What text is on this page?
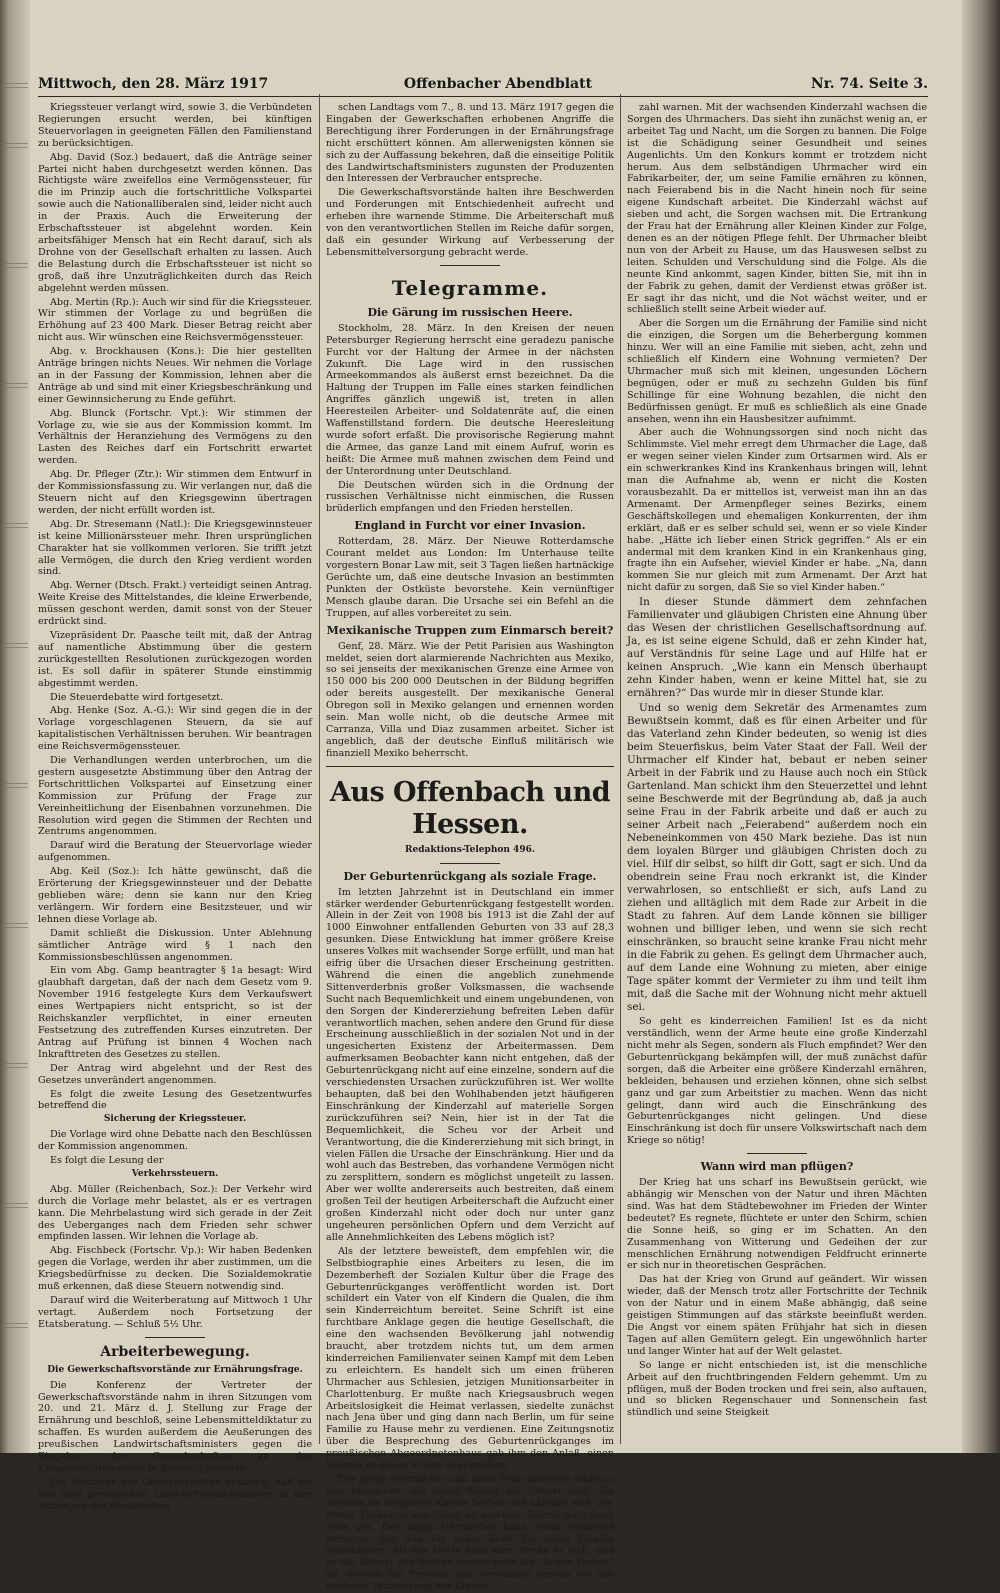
Mittwoch, den 28. März 1917	Offenbacher Abendblatt	Nr. 74. Seite 3.

Kriegssteuer verlangt wird, sowie 3. die Verbündeten Regierungen ersucht werden, bei künftigen Steuervorlagen in geeigneten Fällen den Familienstand zu berücksichtigen.

Abg. David (Soz.) bedauert, daß die Anträge seiner Partei nicht haben durchgesetzt werden können. Das Richtigste wäre zweifellos eine Vermögenssteuer, für die im Prinzip auch die fortschrittliche Volkspartei sowie auch die Nationalliberalen sind, leider nicht auch in der Praxis. Auch die Erweiterung der Erbschaftssteuer ist abgelehnt worden. Kein arbeitsfähiger Mensch hat ein Recht darauf, sich als Drohne von der Gesellschaft erhalten zu lassen. Auch die Belastung durch die Erbschaftssteuer ist nicht so groß, daß ihre Unzuträglichkeiten durch das Reich abgelehnt werden müssen.

Abg. Mertin (Rp.): Auch wir sind für die Kriegssteuer. Wir stimmen der Vorlage zu und begrüßen die Erhöhung auf 23 400 Mark. Dieser Betrag reicht aber nicht aus. Wir wünschen eine Reichsvermögenssteuer.

Abg. v. Brockhausen (Kons.): Die hier gestellten Anträge bringen nichts Neues. Wir nehmen die Vorlage an in der Fassung der Kommission, lehnen aber die Anträge ab und sind mit einer Kriegsbeschränkung und einer Gewinnsicherung zu Ende geführt.

Abg. Blunck (Fortschr. Vpt.): Wir stimmen der Vorlage zu, wie sie aus der Kommission kommt. Im Verhältnis der Heranziehung des Vermögens zu den Lasten des Reiches darf ein Fortschritt erwartet werden.

Abg. Dr. Pfleger (Ztr.): Wir stimmen dem Entwurf in der Kommissionsfassung zu. Wir verlangen nur, daß die Steuern nicht auf den Kriegsgewinn übertragen werden, der nicht erfüllt worden ist.

Abg. Dr. Stresemann (Natl.): Die Kriegsgewinnsteuer ist keine Millionärssteuer mehr. Ihren ursprünglichen Charakter hat sie vollkommen verloren. Sie trifft jetzt alle Vermögen, die durch den Krieg verdient worden sind.

Abg. Werner (Dtsch. Frakt.) verteidigt seinen Antrag. Weite Kreise des Mittelstandes, die kleine Erwerbende, müssen geschont werden, damit sonst von der Steuer erdrückt sind.

Vizepräsident Dr. Paasche teilt mit, daß der Antrag auf namentliche Abstimmung über die gestern zurückgestellten Resolutionen zurückgezogen worden ist. Es soll dafür in späterer Stunde einstimmig abgestimmt werden.

Die Steuerdebatte wird fortgesetzt.

Abg. Henke (Soz. A.-G.): Wir sind gegen die in der Vorlage vorgeschlagenen Steuern, da sie auf kapitalistischen Verhältnissen beruhen. Wir beantragen eine Reichsvermögenssteuer.

Die Verhandlungen werden unterbrochen, um die gestern ausgesetzte Abstimmung über den Antrag der Fortschrittlichen Volkspartei auf Einsetzung einer Kommission zur Prüfung der Frage zur Vereinheitlichung der Eisenbahnen vorzunehmen. Die Resolution wird gegen die Stimmen der Rechten und Zentrums angenommen.

Darauf wird die Beratung der Steuervorlage wieder aufgenommen.

Abg. Keil (Soz.): Ich hätte gewünscht, daß die Erörterung der Kriegsgewinnsteuer und der Debatte geblieben wäre; denn sie kann nur den Krieg verlängern. Wir fordern eine Besitzsteuer, und wir lehnen diese Vorlage ab.

Damit schließt die Diskussion. Unter Ablehnung sämtlicher Anträge wird § 1 nach den Kommissionsbeschlüssen angenommen.

Ein vom Abg. Gamp beantragter § 1a besagt: Wird glaubhaft dargetan, daß der nach dem Gesetz vom 9. November 1916 festgelegte Kurs dem Verkaufswert eines Wertpapiers nicht entspricht, so ist der Reichskanzler verpflichtet, in einer erneuten Festsetzung des zutreffenden Kurses einzutreten. Der Antrag auf Prüfung ist binnen 4 Wochen nach Inkrafttreten des Gesetzes zu stellen.

Der Antrag wird abgelehnt und der Rest des Gesetzes unverändert angenommen.

Es folgt die zweite Lesung des Gesetzentwurfes betreffend die

Sicherung der Kriegssteuer.

Die Vorlage wird ohne Debatte nach den Beschlüssen der Kommission angenommen.

Es folgt die Lesung der

Verkehrssteuern.

Abg. Müller (Reichenbach, Soz.): Der Verkehr wird durch die Vorlage mehr belastet, als er es vertragen kann. Die Mehrbelastung wird sich gerade in der Zeit des Ueberganges nach dem Frieden sehr schwer empfinden lassen. Wir lehnen die Vorlage ab.

Abg. Fischbeck (Fortschr. Vp.): Wir haben Bedenken gegen die Vorlage, werden ihr aber zustimmen, um die Kriegsbedürfnisse zu decken. Die Sozialdemokratie muß erkennen, daß diese Steuern notwendig sind.

Darauf wird die Weiterberatung auf Mittwoch 1 Uhr vertagt. Außerdem noch Fortsetzung der Etatsberatung. — Schluß 5½ Uhr.

Arbeiterbewegung.
Die Gewerkschaftsvorstände zur Ernährungsfrage.

Die Konferenz der Vertreter der Gewerkschaftsvorstände nahm in ihren Sitzungen vom 20. und 21. März d. J. Stellung zur Frage der Ernährung und beschloß, seine Lebensmitteldiktatur zu schaffen. Es wurden außerdem die Aeußerungen des preußischen Landwirtschaftsministers gegen die Eingaben der Gewerkschaften an das Kriegsernährungsamt in Betracht gezogen.

Die Vertreter der Gewerkschaften erklären, daß sie von dem preußischen Landwirtschaftsminister in den Sitzungen des Preußischen

schen Landtags vom 7., 8. und 13. März 1917 gegen die Eingaben der Gewerkschaften erhobenen Angriffe die Berechtigung ihrer Forderungen in der Ernährungsfrage nicht erschüttert können. Am allerwenigsten können sie sich zu der Auffassung bekehren, daß die einseitige Politik des Landwirtschaftsministers zugunsten der Produzenten den Interessen der Verbraucher entspreche.

Die Gewerkschaftsvorstände halten ihre Beschwerden und Forderungen mit Entschiedenheit aufrecht und erheben ihre warnende Stimme. Die Arbeiterschaft muß von den verantwortlichen Stellen im Reiche dafür sorgen, daß ein gesunder Wirkung auf Verbesserung der Lebensmittelversorgung gebracht werde.

Telegramme.
Die Gärung im russischen Heere.

Stockholm, 28. März. In den Kreisen der neuen Petersburger Regierung herrscht eine geradezu panische Furcht vor der Haltung der Armee in der nächsten Zukunft. Die Lage wird in den russischen Armeekommandos als äußerst ernst bezeichnet. Da die Haltung der Truppen im Falle eines starken feindlichen Angriffes gänzlich ungewiß ist, treten in allen Heeresteilen Arbeiter- und Soldatenräte auf, die einen Waffenstillstand fordern. Die deutsche Heeresleitung wurde sofort erfaßt. Die provisorische Regierung mahnt die Armee, das ganze Land mit einem Aufruf, worin es heißt: Die Armee muß mahnen zwischen dem Feind und der Unterordnung unter Deutschland.

Die Deutschen würden sich in die Ordnung der russischen Verhältnisse nicht einmischen, die Russen brüderlich empfangen und den Frieden herstellen.

England in Furcht vor einer Invasion.

Rotterdam, 28. März. Der Nieuwe Rotterdamsche Courant meldet aus London: Im Unterhause teilte vorgestern Bonar Law mit, seit 3 Tagen ließen hartnäckige Gerüchte um, daß eine deutsche Invasion an bestimmten Punkten der Ostküste bevorstehe. Kein vernünftiger Mensch glaube daran. Die Ursache sei ein Befehl an die Truppen, auf alles vorbereitet zu sein.

Mexikanische Truppen zum Einmarsch bereit?

Genf, 28. März. Wie der Petit Parisien aus Washington meldet, seien dort alarmierende Nachrichten aus Mexiko, so sei jenseits der mexikanischen Grenze eine Armee von 150 000 bis 200 000 Deutschen in der Bildung begriffen oder bereits ausgestellt. Der mexikanische General Obregon soll in Mexiko gelangen und ernennen worden sein. Man wolle nicht, ob die deutsche Armee mit Carranza, Villa und Diaz zusammen arbeitet. Sicher ist angeblich, daß der deutsche Einfluß militärisch wie finanziell Mexiko beherrscht.

Aus Offenbach und Hessen.
Redaktions-Telephon 496.
Der Geburtenrückgang als soziale Frage.

Im letzten Jahrzehnt ist in Deutschland ein immer stärker werdender Geburtenrückgang festgestellt worden. Allein in der Zeit von 1908 bis 1913 ist die Zahl der auf 1000 Einwohner entfallenden Geburten von 33 auf 28,3 gesunken. Diese Entwicklung hat immer größere Kreise unseres Volkes mit wachsender Sorge erfüllt, und man hat eifrig über die Ursachen dieser Erscheinung gestritten. Während die einen die angeblich zunehmende Sittenverderbnis großer Volksmassen, die wachsende Sucht nach Bequemlichkeit und einem ungebundenen, von den Sorgen der Kindererziehung befreiten Leben dafür verantwortlich machen, sehen andere den Grund für diese Erscheinung ausschließlich in der sozialen Not und in der ungesicherten Existenz der Arbeitermassen. Dem aufmerksamen Beobachter kann nicht entgehen, daß der Geburtenrückgang nicht auf eine einzelne, sondern auf die verschiedensten Ursachen zurückzuführen ist. Wer wollte behaupten, daß bei den Wohlhabenden jetzt häufigeren Einschränkung der Kinderzahl auf materielle Sorgen zurückzuführen sei? Nein, hier ist in der Tat die Bequemlichkeit, die Scheu vor der Arbeit und Verantwortung, die die Kindererziehung mit sich bringt, in vielen Fällen die Ursache der Einschränkung. Hier und da wohl auch das Bestreben, das vorhandene Vermögen nicht zu zersplittern, sondern es möglichst ungeteilt zu lassen. Aber wer wollte andererseits auch bestreiten, daß einem großen Teil der heutigen Arbeiterschaft die Aufzucht einer großen Kinderzahl nicht oder doch nur unter ganz ungeheuren persönlichen Opfern und dem Verzicht auf alle Annehmlichkeiten des Lebens möglich ist?

Als der letztere beweisteft, dem empfehlen wir, die Selbstbiographie eines Arbeiters zu lesen, die im Dezemberheft der Sozialen Kultur über die Frage des Geburtenrückganges veröffentlicht worden ist. Dort schildert ein Vater von elf Kindern die Qualen, die ihm sein Kinderreichtum bereitet. Seine Schrift ist eine furchtbare Anklage gegen die heutige Gesellschaft, die eine den wachsenden Bevölkerung jahl notwendig braucht, aber trotzdem nichts tut, um dem armen kinderreichen Familienvater seinen Kampf mit dem Leben zu erleichtern. Es handelt sich um einen früheren Uhrmacher aus Schlesien, jetzigen Munitionsarbeiter in Charlottenburg. Er mußte nach Kriegsausbruch wegen Arbeitslosigkeit die Heimat verlassen, siedelte zunächst nach Jena über und ging dann nach Berlin, um für seine Familie zu Hause mehr zu verdienen. Eine Zeitungsnotiz über die Besprechung des Geburtenrückganges im preußischen Abgeordnetenhaus gab ihm den Anlaß, einen Beitrag zu dieser Frage zu schreiben.

Der junge Uhrmacher und seine Frau gehörten nicht zu den Menschen, die leicht Kinder ein Grenzt sind. Sie sehnten im Gegenteil Kinder herbei und nahmen sich vor, etwas Tüchtiges aus ihnen zu machen. Zuerst ging auch alles gut. Der junge Uhrmacher kann einen Verdienst erringen, der ihm für seine Kraft für seine Familie aufschießen. Als das vierte Kind kam, freute er sich, und er die Geburt des fünften immer noch als „Segen Gottes“ an, obwohl ihn Freunde und Verwandte bereits vor der weiteren Vermehrung der Kinder

zahl warnen. Mit der wachsenden Kinderzahl wachsen die Sorgen des Uhrmachers. Das sieht ihn zunächst wenig an, er arbeitet Tag und Nacht, um die Sorgen zu bannen. Die Folge ist die Schädigung seiner Gesundheit und seines Augenlichts. Um den Konkurs kommt er trotzdem nicht herum. Aus dem selbständigen Uhrmacher wird ein Fabrikarbeiter, der, um seine Familie ernähren zu können, nach Feierabend bis in die Nacht hinein noch für seine eigene Kundschaft arbeitet. Die Kinderzahl wächst auf sieben und acht, die Sorgen wachsen mit. Die Ertrankung der Frau hat der Ernährung aller Kleinen Kinder zur Folge, denen es an der nötigen Pflege fehlt. Der Uhrmacher bleibt nun von der Arbeit zu Hause, um das Hauswesen selbst zu leiten. Schulden und Verschuldung sind die Folge. Als die neunte Kind ankommt, sagen Kinder, bitten Sie, mit ihn in der Fabrik zu gehen, damit der Verdienst etwas größer ist. Er sagt ihr das nicht, und die Not wächst weiter, und er schließlich stellt seine Arbeit wieder auf.

Aber die Sorgen um die Ernährung der Familie sind nicht die einzigen, die Sorgen um die Beherbergung kommen hinzu. Wer will an eine Familie mit sieben, acht, zehn und schließlich elf Kindern eine Wohnung vermieten? Der Uhrmacher muß sich mit kleinen, ungesunden Löchern begnügen, oder er muß zu sechzehn Gulden bis fünf Schillinge für eine Wohnung bezahlen, die nicht den Bedürfnissen genügt. Er muß es schließlich als eine Gnade ansehen, wenn ihn ein Hausbesitzer aufnimmt.

Aber auch die Wohnungssorgen sind noch nicht das Schlimmste. Viel mehr erregt dem Uhrmacher die Lage, daß er wegen seiner vielen Kinder zum Ortsarmen wird. Als er ein schwerkrankes Kind ins Krankenhaus bringen will, lehnt man die Aufnahme ab, wenn er nicht die Kosten vorausbezahlt. Da er mittellos ist, verweist man ihn an das Armenamt. Der Armenpfleger seines Bezirks, einem Geschäftskollegen und ehemaligen Konkurrenten, der ihm erklärt, daß er es selber schuld sei, wenn er so viele Kinder habe. „Hätte ich lieber einen Strick gegriffen.“ Als er ein andermal mit dem kranken Kind in ein Krankenhaus ging, fragte ihn ein Aufseher, wieviel Kinder er habe. „Na, dann kommen Sie nur gleich mit zum Armenamt. Der Arzt hat nicht dafür zu sorgen, daß Sie so viel Kinder haben.“

In dieser Stunde dämmert dem zehnfachen Familienvater und gläubigen Christen eine Ahnung über das Wesen der christlichen Gesellschaftsordnung auf. Ja, es ist seine eigene Schuld, daß er zehn Kinder hat, auf Verständnis für seine Lage und auf Hilfe hat er keinen Anspruch. „Wie kann ein Mensch überhaupt zehn Kinder haben, wenn er keine Mittel hat, sie zu ernähren?“ Das wurde mir in dieser Stunde klar.

Und so wenig dem Sekretär des Armenamtes zum Bewußtsein kommt, daß es für einen Arbeiter und für das Vaterland zehn Kinder bedeuten, so wenig ist dies beim Steuerfiskus, beim Vater Staat der Fall. Weil der Uhrmacher elf Kinder hat, bebaut er neben seiner Arbeit in der Fabrik und zu Hause auch noch ein Stück Gartenland. Man schickt ihm den Steuerzettel und lehnt seine Beschwerde mit der Begründung ab, daß ja auch seine Frau in der Fabrik arbeite und daß er auch zu seiner Arbeit nach „Feierabend“ außerdem noch ein Nebeneinkommen von 450 Mark beziehe. Das ist nun dem loyalen Bürger und gläubigen Christen doch zu viel. Hilf dir selbst, so hilft dir Gott, sagt er sich. Und da obendrein seine Frau noch erkrankt ist, die Kinder verwahrlosen, so entschließt er sich, aufs Land zu ziehen und alltäglich mit dem Rade zur Arbeit in die Stadt zu fahren. Auf dem Lande können sie billiger wohnen und billiger leben, und wenn sie sich recht einschränken, so braucht seine kranke Frau nicht mehr in die Fabrik zu gehen. Es gelingt dem Uhrmacher auch, auf dem Lande eine Wohnung zu mieten, aber einige Tage später kommt der Vermieter zu ihm und teilt ihm mit, daß die Sache mit der Wohnung nicht mehr aktuell sei.

So geht es kinderreichen Familien! Ist es da nicht verständlich, wenn der Arme heute eine große Kinderzahl nicht mehr als Segen, sondern als Fluch empfindet? Wer den Geburtenrückgang bekämpfen will, der muß zunächst dafür sorgen, daß die Arbeiter eine größere Kinderzahl ernähren, bekleiden, behausen und erziehen können, ohne sich selbst ganz und gar zum Arbeitstier zu machen. Wenn das nicht gelingt, dann wird auch die Einschränkung des Geburtenrückganges nicht gelingen. Und diese Einschränkung ist doch für unsere Volkswirtschaft nach dem Kriege so nötig!

Wann wird man pflügen?

Der Krieg hat uns scharf ins Bewußtsein gerückt, wie abhängig wir Menschen von der Natur und ihren Mächten sind. Was hat dem Städtebewohner im Frieden der Winter bedeutet? Es regnete, flüchtete er unter den Schirm, schien die Sonne heiß, so ging er im Schatten. An den Zusammenhang von Witterung und Gedeihen der zur menschlichen Ernährung notwendigen Feldfrucht erinnerte er sich nur in theoretischen Gesprächen.

Das hat der Krieg von Grund auf geändert. Wir wissen wieder, daß der Mensch trotz aller Fortschritte der Technik von der Natur und in einem Maße abhängig, daß seine geistigen Stimmungen auf das stärkste beeinflußt werden. Die Angst vor einem späten Frühjahr hat sich in diesen Tagen auf allen Gemütern gelegt. Ein ungewöhnlich harter und langer Winter hat auf der Welt gelastet.

So lange er nicht entschieden ist, ist die menschliche Arbeit auf den fruchtbringenden Feldern gehemmt. Um zu pflügen, muß der Boden trocken und frei sein, also auftauen, und so blicken Regenschauer und Sonnenschein fast stündlich und seine Steigkeit
